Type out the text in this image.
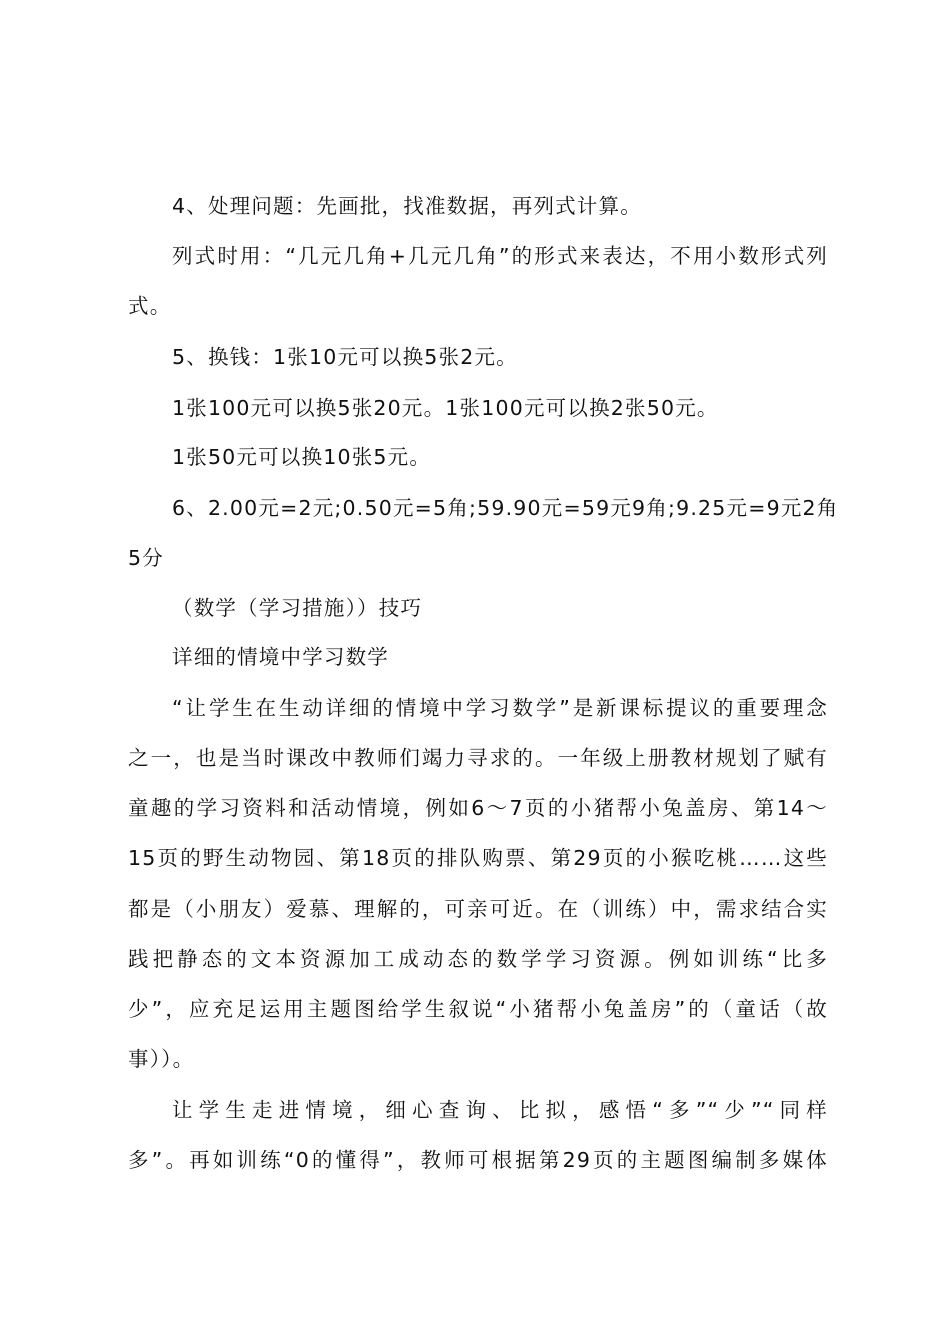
4、处理问题：先画批，找准数据，再列式计算。
列式时用：“几元几角+几元几角”的形式来表达，不用小数形式列
式。
5、换钱：1张10元可以换5张2元。
1张100元可以换5张20元。1张100元可以换2张50元。
1张50元可以换10张5元。
6、2.00元=2元;0.50元=5角;59.90元=59元9角;9.25元=9元2角
5分
（数学（学习措施））技巧
详细的情境中学习数学
“让学生在生动详细的情境中学习数学”是新课标提议的重要理念
之一，也是当时课改中教师们竭力寻求的。一年级上册教材规划了赋有
童趣的学习资料和活动情境，例如6～7页的小猪帮小兔盖房、第14～
15页的野生动物园、第18页的排队购票、第29页的小猴吃桃……这些
都是（小朋友）爱慕、理解的，可亲可近。在（训练）中，需求结合实
践把静态的文本资源加工成动态的数学学习资源。例如训练“比多
少”，应充足运用主题图给学生叙说“小猪帮小兔盖房”的（童话（故
事））。
让学生走进情境，细心查询、比拟，感悟“多”“少”“同样
多”。再如训练“0的懂得”，教师可根据第29页的主题图编制多媒体
